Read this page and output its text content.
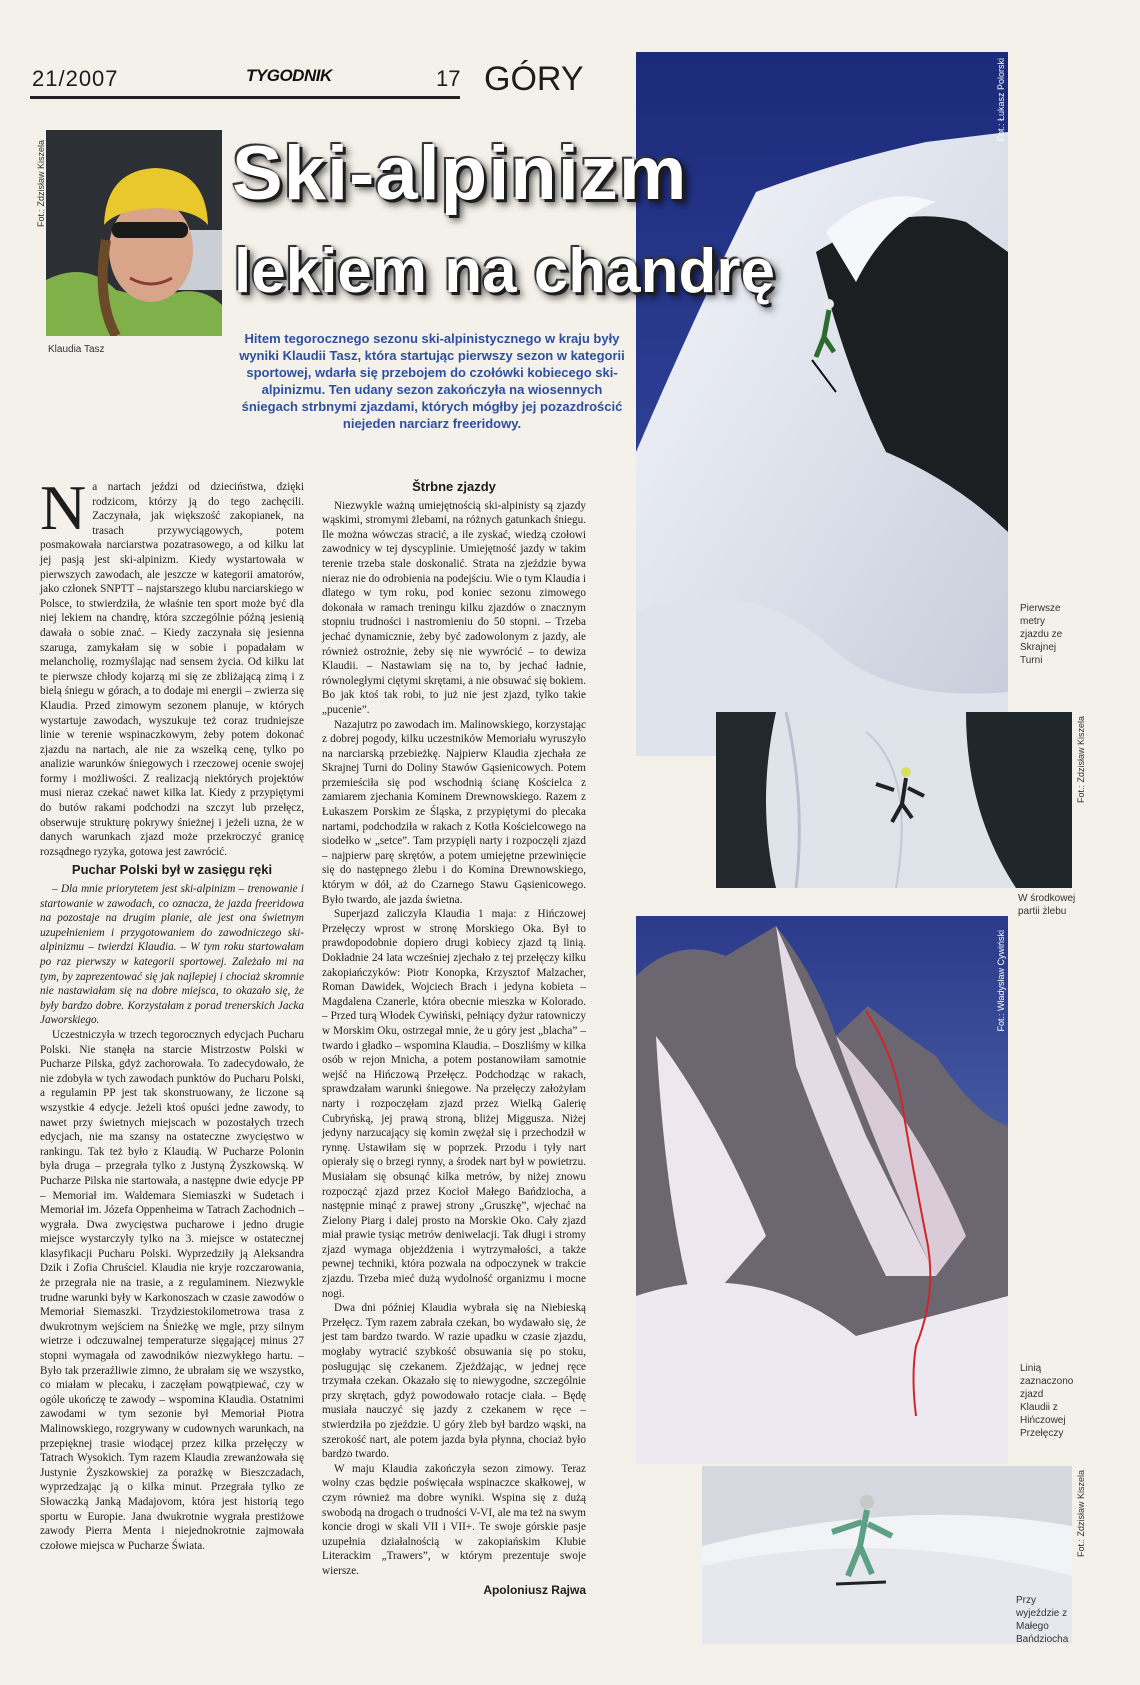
21/2007	TYGODNIK	17 GÓRY
Fot.: Zdzisław Kiszela
Klaudia Tasz
Fot.: Łukasz Polorski
Pierwsze metry zjazdu ze Skrajnej Turni
Ski-alpinizm
lekiem na chandrę
Hitem tegorocznego sezonu ski-alpinistycznego w kraju były wyniki Klaudii Tasz, która startując pierwszy sezon w kategorii sportowej, wdarła się przebojem do czołówki kobiecego ski-alpinizmu. Ten udany sezon zakończyła na wiosennych śniegach strbnymi zjazdami, których mógłby jej pozazdrościć niejeden narciarz freeridowy.
Fot.: Zdzisław Kiszela
W środkowej partii żlebu
Fot.: Władysław Cywiński
Linią zaznaczono zjazd Klaudii z Hińczowej Przełęczy
Fot.: Zdzisław Kiszela
Przy wyjeździe z Małego Bańdziocha

Na nartach jeździ od dzieciństwa, dzięki rodzicom, którzy ją do tego zachęcili. Zaczynała, jak większość zakopianek, na trasach przywyciągowych, potem posmakowała narciarstwa pozatrasowego, a od kilku lat jej pasją jest ski-alpinizm. Kiedy wystartowała w pierwszych zawodach, ale jeszcze w kategorii amatorów, jako członek SNPTT – najstarszego klubu narciarskiego w Polsce, to stwierdziła, że właśnie ten sport może być dla niej lekiem na chandrę, która szczególnie późną jesienią dawała o sobie znać. – Kiedy zaczynała się jesienna szaruga, zamykałam się w sobie i popadałam w melancholię, rozmyślając nad sensem życia. Od kilku lat te pierwsze chłody kojarzą mi się ze zbliżającą zimą i z bielą śniegu w górach, a to dodaje mi energii – zwierza się Klaudia. Przed zimowym sezonem planuje, w których wystartuje zawodach, wyszukuje też coraz trudniejsze linie w terenie wspinaczkowym, żeby potem dokonać zjazdu na nartach, ale nie za wszelką cenę, tylko po analizie warunków śniegowych i rzeczowej ocenie swojej formy i możliwości. Z realizacją niektórych projektów musi nieraz czekać nawet kilka lat. Kiedy z przypiętymi do butów rakami podchodzi na szczyt lub przełęcz, obserwuje strukturę pokrywy śnieżnej i jeżeli uzna, że w danych warunkach zjazd może przekroczyć granicę rozsądnego ryzyka, gotowa jest zawrócić.

Puchar Polski był w zasięgu ręki

– Dla mnie priorytetem jest ski-alpinizm – trenowanie i startowanie w zawodach, co oznacza, że jazda freeridowa na pozostaje na drugim planie, ale jest ona świetnym uzupełnieniem i przygotowaniem do zawodniczego ski-alpinizmu – twierdzi Klaudia. – W tym roku startowałam po raz pierwszy w kategorii sportowej. Zależało mi na tym, by zaprezentować się jak najlepiej i chociaż skromnie nie nastawiałam się na dobre miejsca, to okazało się, że były bardzo dobre. Korzystałam z porad trenerskich Jacka Jaworskiego.

Uczestniczyła w trzech tegorocznych edycjach Pucharu Polski. Nie stanęła na starcie Mistrzostw Polski w Pucharze Pilska, gdyż zachorowała. To zadecydowało, że nie zdobyła w tych zawodach punktów do Pucharu Polski, a regulamin PP jest tak skonstruowany, że liczone są wszystkie 4 edycje. Jeżeli ktoś opuści jedne zawody, to nawet przy świetnych miejscach w pozostałych trzech edycjach, nie ma szansy na ostateczne zwycięstwo w rankingu. Tak też było z Klaudią. W Pucharze Polonin była druga – przegrała tylko z Justyną Żyszkowską. W Pucharze Pilska nie startowała, a następne dwie edycje PP – Memoriał im. Waldemara Siemiaszki w Sudetach i Memoriał im. Józefa Oppenheima w Tatrach Zachodnich – wygrała. Dwa zwycięstwa pucharowe i jedno drugie miejsce wystarczyły tylko na 3. miejsce w ostatecznej klasyfikacji Pucharu Polski. Wyprzedziły ją Aleksandra Dzik i Zofia Chruściel. Klaudia nie kryje rozczarowania, że przegrała nie na trasie, a z regulaminem. Niezwykle trudne warunki były w Karkonoszach w czasie zawodów o Memoriał Siemaszki. Trzydziestokilometrowa trasa z dwukrotnym wejściem na Śnieżkę we mgle, przy silnym wietrze i odczuwalnej temperaturze sięgającej minus 27 stopni wymagała od zawodników niezwykłego hartu. – Było tak przeraźliwie zimno, że ubrałam się we wszystko, co miałam w plecaku, i zaczęłam powątpiewać, czy w ogóle ukończę te zawody – wspomina Klaudia. Ostatnimi zawodami w tym sezonie był Memoriał Piotra Malinowskiego, rozgrywany w cudownych warunkach, na przepięknej trasie wiodącej przez kilka przełęczy w Tatrach Wysokich. Tym razem Klaudia zrewanżowała się Justynie Żyszkowskiej za porażkę w Bieszczadach, wyprzedzając ją o kilka minut. Przegrała tylko ze Słowaczką Janką Madajovom, która jest historią tego sportu w Europie. Jana dwukrotnie wygrała prestiżowe zawody Pierra Menta i niejednokrotnie zajmowała czołowe miejsca w Pucharze Świata.

Štrbne zjazdy

Niezwykle ważną umiejętnością ski-alpinisty są zjazdy wąskimi, stromymi żlebami, na różnych gatunkach śniegu. Ile można wówczas stracić, a ile zyskać, wiedzą czołowi zawodnicy w tej dyscyplinie. Umiejętność jazdy w takim terenie trzeba stale doskonalić. Strata na zjeździe bywa nieraz nie do odrobienia na podejściu. Wie o tym Klaudia i dlatego w tym roku, pod koniec sezonu zimowego dokonała w ramach treningu kilku zjazdów o znacznym stopniu trudności i nastromieniu do 50 stopni. – Trzeba jechać dynamicznie, żeby być zadowolonym z jazdy, ale również ostrożnie, żeby się nie wywrócić – to dewiza Klaudii. – Nastawiam się na to, by jechać ładnie, równoległymi ciętymi skrętami, a nie obsuwać się bokiem. Bo jak ktoś tak robi, to już nie jest zjazd, tylko takie „pucenie”.

Nazajutrz po zawodach im. Malinowskiego, korzystając z dobrej pogody, kilku uczestników Memoriału wyruszyło na narciarską przebieżkę. Najpierw Klaudia zjechała ze Skrajnej Turni do Doliny Stawów Gąsienicowych. Potem przemieściła się pod wschodnią ścianę Kościelca z zamiarem zjechania Kominem Drewnowskiego. Razem z Łukaszem Porskim ze Śląska, z przypiętymi do plecaka nartami, podchodziła w rakach z Kotła Kościelcowego na siodełko w „setce”. Tam przypięli narty i rozpoczęli zjazd – najpierw parę skrętów, a potem umiejętne przewinięcie się do następnego żlebu i do Komina Drewnowskiego, którym w dół, aż do Czarnego Stawu Gąsienicowego. Było twardo, ale jazda świetna.

Superjazd zaliczyła Klaudia 1 maja: z Hińczowej Przełęczy wprost w stronę Morskiego Oka. Był to prawdopodobnie dopiero drugi kobiecy zjazd tą linią. Dokładnie 24 lata wcześniej zjechało z tej przełęczy kilku zakopiańczyków: Piotr Konopka, Krzysztof Malzacher, Roman Dawidek, Wojciech Brach i jedyna kobieta – Magdalena Czanerle, która obecnie mieszka w Kolorado. – Przed turą Włodek Cywiński, pełniący dyżur ratowniczy w Morskim Oku, ostrzegał mnie, że u góry jest „blacha” – twardo i gładko – wspomina Klaudia. – Doszliśmy w kilka osób w rejon Mnicha, a potem postanowiłam samotnie wejść na Hińczową Przełęcz. Podchodząc w rakach, sprawdzałam warunki śniegowe. Na przełęczy założyłam narty i rozpoczęłam zjazd przez Wielką Galerię Cubryńską, jej prawą stroną, bliżej Miggusza. Niżej jedyny narzucający się komin zwężał się i przechodził w rynnę. Ustawiłam się w poprzek. Przodu i tyły nart opierały się o brzegi rynny, a środek nart był w powietrzu. Musiałam się obsunąć kilka metrów, by niżej znowu rozpocząć zjazd przez Kocioł Małego Bańdziocha, a następnie minąć z prawej strony „Gruszkę”, wjechać na Zielony Piarg i dalej prosto na Morskie Oko. Cały zjazd miał prawie tysiąc metrów deniwelacji. Tak długi i stromy zjazd wymaga objeżdżenia i wytrzymałości, a także pewnej techniki, która pozwala na odpoczynek w trakcie zjazdu. Trzeba mieć dużą wydolność organizmu i mocne nogi.

Dwa dni później Klaudia wybrała się na Niebieską Przełęcz. Tym razem zabrała czekan, bo wydawało się, że jest tam bardzo twardo. W razie upadku w czasie zjazdu, mogłaby wytracić szybkość obsuwania się po stoku, posługując się czekanem. Zjeżdżając, w jednej ręce trzymała czekan. Okazało się to niewygodne, szczególnie przy skrętach, gdyż powodowało rotacje ciała. – Będę musiała nauczyć się jazdy z czekanem w ręce – stwierdziła po zjeździe. U góry żleb był bardzo wąski, na szerokość nart, ale potem jazda była płynna, chociaż było bardzo twardo.

W maju Klaudia zakończyła sezon zimowy. Teraz wolny czas będzie poświęcała wspinaczce skałkowej, w czym również ma dobre wyniki. Wspina się z dużą swobodą na drogach o trudności V-VI, ale ma też na swym koncie drogi w skali VII i VII+. Te swoje górskie pasje uzupełnia działalnością w zakopiańskim Klubie Literackim „Trawers”, w którym prezentuje swoje wiersze.

Apoloniusz Rajwa
